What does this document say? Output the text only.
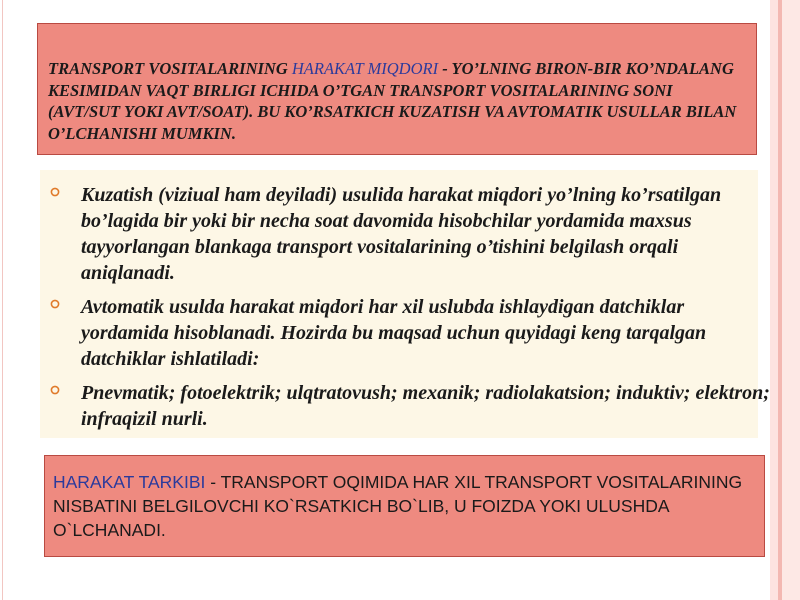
TRANSPORT VOSITALARINING HARAKAT MIQDORI - YO’LNING BIRON-BIR KO’NDALANG KESIMIDAN VAQT BIRLIGI ICHIDA O’TGAN TRANSPORT VOSITALARINING SONI (AVT/SUT YOKI AVT/SOAT). BU KO’RSATKICH KUZATISH VA AVTOMATIK USULLAR BILAN O’LCHANISHI MUMKIN.
Kuzatish (viziual ham deyiladi) usulida harakat miqdori yo’lning ko’rsatilgan bo’lagida bir yoki bir necha soat davomida hisobchilar yordamida maxsus tayyorlangan blankaga transport vositalarining o’tishini belgilash orqali aniqlanadi.
Avtomatik usulda harakat miqdori har xil uslubda ishlaydigan datchiklar yordamida hisoblanadi. Hozirda bu maqsad uchun quyidagi keng tarqalgan datchiklar ishlatiladi:
Pnevmatik; fotoelektrik; ulqtratovush; mexanik; radiolakatsion; induktiv; elektron; infraqizil nurli.
HARAKAT TARKIBI - TRANSPORT OQIMIDA HAR XIL TRANSPORT VOSITALARINING NISBATINI BELGILOVCHI KO`RSATKICH BO`LIB, U FOIZDA YOKI ULUSHDA O`LCHANADI.
